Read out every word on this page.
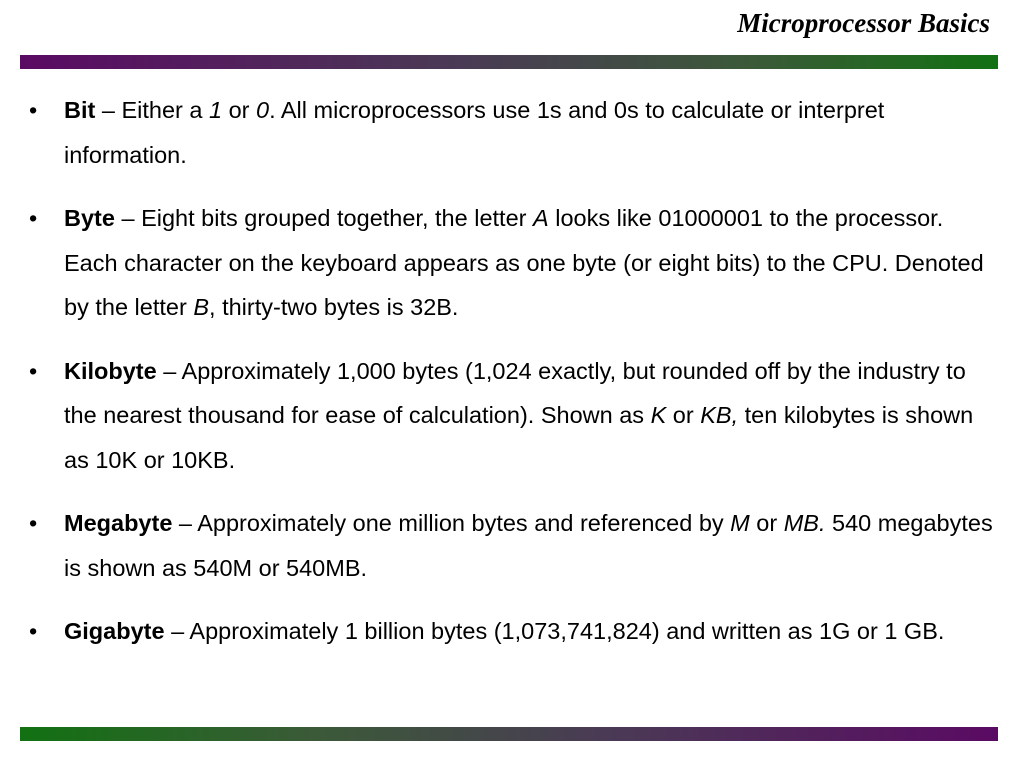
Microprocessor Basics
• Bit – Either a 1 or 0. All microprocessors use 1s and 0s to calculate or interpret information.
• Byte – Eight bits grouped together, the letter A looks like 01000001 to the processor. Each character on the keyboard appears as one byte (or eight bits) to the CPU. Denoted by the letter B, thirty-two bytes is 32B.
• Kilobyte – Approximately 1,000 bytes (1,024 exactly, but rounded off by the industry to the nearest thousand for ease of calculation). Shown as K or KB, ten kilobytes is shown as 10K or 10KB.
• Megabyte – Approximately one million bytes and referenced by M or MB. 540 megabytes is shown as 540M or 540MB.
• Gigabyte – Approximately 1 billion bytes (1,073,741,824) and written as 1G or 1 GB.
